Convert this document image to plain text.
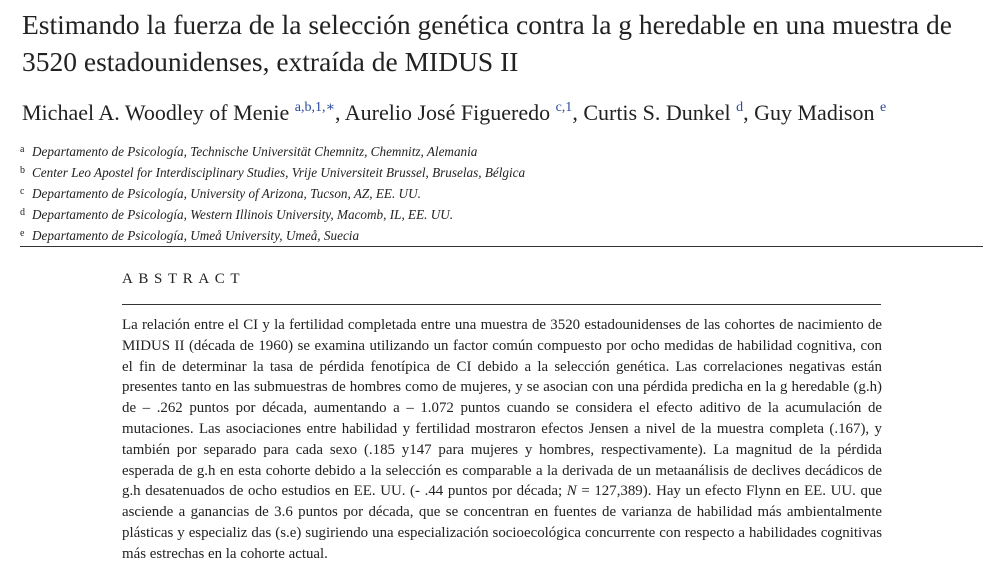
Estimando la fuerza de la selección genética contra la g heredable en una muestra de 3520 estadounidenses, extraída de MIDUS II
Michael A. Woodley of Menie $^{a,b,1,∗}$, Aurelio José Figueredo $^{c,1}$, Curtis S. Dunkel $^d$, Guy Madison $^e$
a Departamento de Psicología, Technische Universität Chemnitz, Chemnitz, Alemania
b Center Leo Apostel for Interdisciplinary Studies, Vrije Universiteit Brussel, Bruselas, Bélgica
c Departamento de Psicología, University of Arizona, Tucson, AZ, EE. UU.
d Departamento de Psicología, Western Illinois University, Macomb, IL, EE. UU.
e Departamento de Psicología, Umeå University, Umeå, Suecia
ABSTRACT

La relación entre el CI y la fertilidad completada entre una muestra de 3520 estadounidenses de las cohortes de nacimiento de MIDUS II (década de 1960) se examina utilizando un factor común compuesto por ocho medidas de habilidad cognitiva, con el fin de determinar la tasa de pérdida fenotípica de CI debido a la selección genética. Las correlaciones negativas están presentes tanto en las submuestras de hombres como de mujeres, y se asocian con una pérdida predicha en la g heredable (g.h) de – .262 puntos por década, aumentando a – 1.072 puntos cuando se considera el efecto aditivo de la acumulación de mutaciones. Las asociaciones entre habilidad y fertilidad mostraron efectos Jensen a nivel de la muestra completa (.167), y también por separado para cada sexo (.185 y147 para mujeres y hombres, respectivamente). La magnitud de la pérdida esperada de g.h en esta cohorte debido a la selección es comparable a la derivada de un metaanálisis de declives decádicos de g.h desatenuados de ocho estudios en EE. UU. (- .44 puntos por década; N = 127,389). Hay un efecto Flynn en EE. UU. que asciende a ganancias de 3.6 puntos por década, que se concentran en fuentes de varianza de habilidad más ambientalmente plásticas y especializ das (s.e) sugiriendo una especialización socioecológica concurrente con respecto a habilidades cognitivas más estrechas en la cohorte actual.
